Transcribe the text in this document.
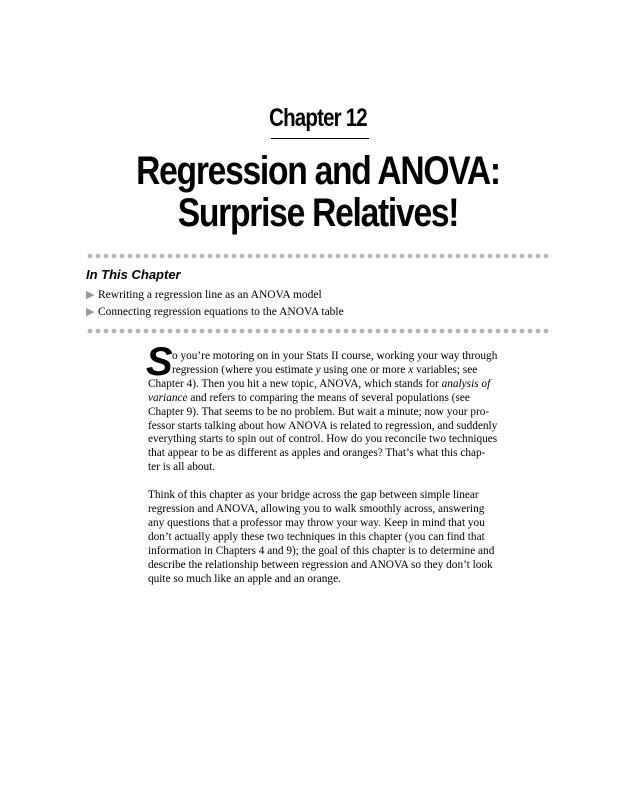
Chapter 12
Regression and ANOVA:
Surprise Relatives!
In This Chapter
▶ Rewriting a regression line as an ANOVA model
▶ Connecting regression equations to the ANOVA table

S o you’re motoring on in your Stats II course, working your way through
regression (where you estimate y using one or more x variables; see
Chapter 4). Then you hit a new topic, ANOVA, which stands for analysis of
variance and refers to comparing the means of several populations (see
Chapter 9). That seems to be no problem. But wait a minute; now your pro-
fessor starts talking about how ANOVA is related to regression, and suddenly
everything starts to spin out of control. How do you reconcile two techniques
that appear to be as different as apples and oranges? That’s what this chap-
ter is all about.

Think of this chapter as your bridge across the gap between simple linear
regression and ANOVA, allowing you to walk smoothly across, answering
any questions that a professor may throw your way. Keep in mind that you
don’t actually apply these two techniques in this chapter (you can find that
information in Chapters 4 and 9); the goal of this chapter is to determine and
describe the relationship between regression and ANOVA so they don’t look
quite so much like an apple and an orange.
